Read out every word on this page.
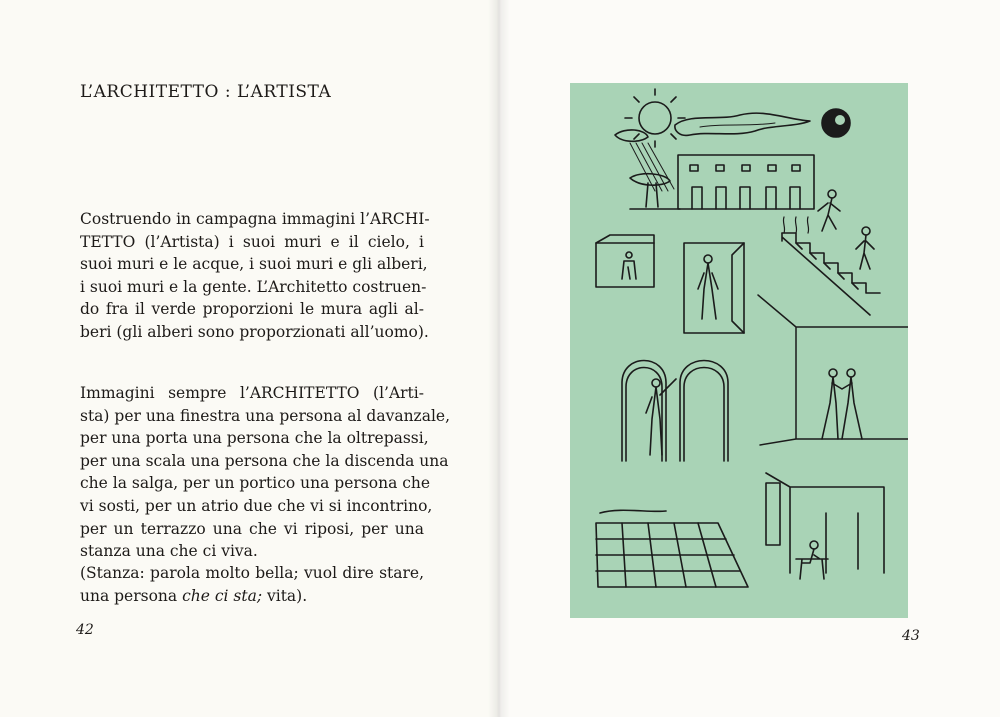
L’ARCHITETTO : L’ARTISTA
Costruendo in campagna immagini l’ARCHI-
TETTO (l’Artista) i suoi muri e il cielo, i
suoi muri e le acque, i suoi muri e gli alberi,
i suoi muri e la gente. L’Architetto costruen-
do fra il verde proporzioni le mura agli al-
beri (gli alberi sono proporzionati all’uomo).
Immagini sempre l’ARCHITETTO (l’Arti-
sta) per una finestra una persona al davanzale,
per una porta una persona che la oltrepassi,
per una scala una persona che la discenda una
che la salga, per un portico una persona che
vi sosti, per un atrio due che vi si incontrino,
per un terrazzo una che vi riposi, per una
stanza una che ci viva.
(Stanza: parola molto bella; vuol dire stare,
una persona che ci sta; vita).
42	43
